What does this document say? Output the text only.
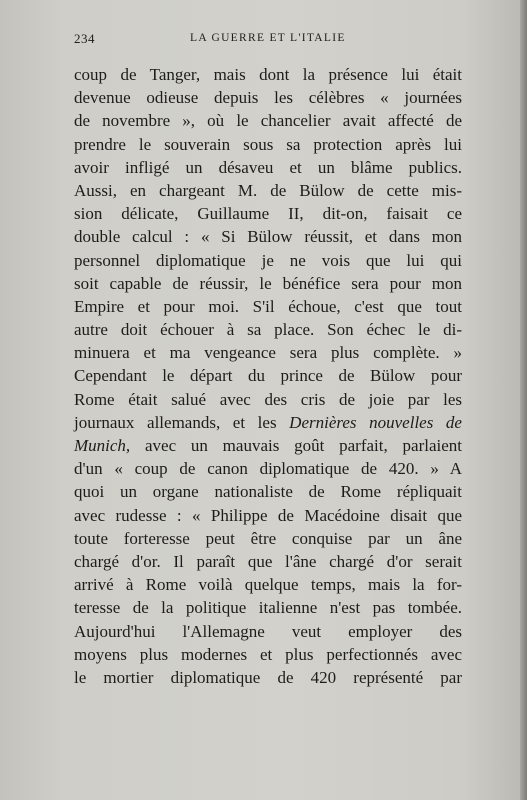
234	LA GUERRE ET L'ITALIE
coup de Tanger, mais dont la présence lui était
devenue odieuse depuis les célèbres « journées
de novembre », où le chancelier avait affecté de
prendre le souverain sous sa protection après lui
avoir infligé un désaveu et un blâme publics.
Aussi, en chargeant M. de Bülow de cette mis-
sion délicate, Guillaume II, dit-on, faisait ce
double calcul : « Si Bülow réussit, et dans mon
personnel diplomatique je ne vois que lui qui
soit capable de réussir, le bénéfice sera pour mon
Empire et pour moi. S'il échoue, c'est que tout
autre doit échouer à sa place. Son échec le di-
minuera et ma vengeance sera plus complète. »
Cependant le départ du prince de Bülow pour
Rome était salué avec des cris de joie par les
journaux allemands, et les Dernières nouvelles de
Munich, avec un mauvais goût parfait, parlaient
d'un « coup de canon diplomatique de 420. » A
quoi un organe nationaliste de Rome répliquait
avec rudesse : « Philippe de Macédoine disait que
toute forteresse peut être conquise par un âne
chargé d'or. Il paraît que l'âne chargé d'or serait
arrivé à Rome voilà quelque temps, mais la for-
teresse de la politique italienne n'est pas tombée.
Aujourd'hui l'Allemagne veut employer des
moyens plus modernes et plus perfectionnés avec
le mortier diplomatique de 420 représenté par
